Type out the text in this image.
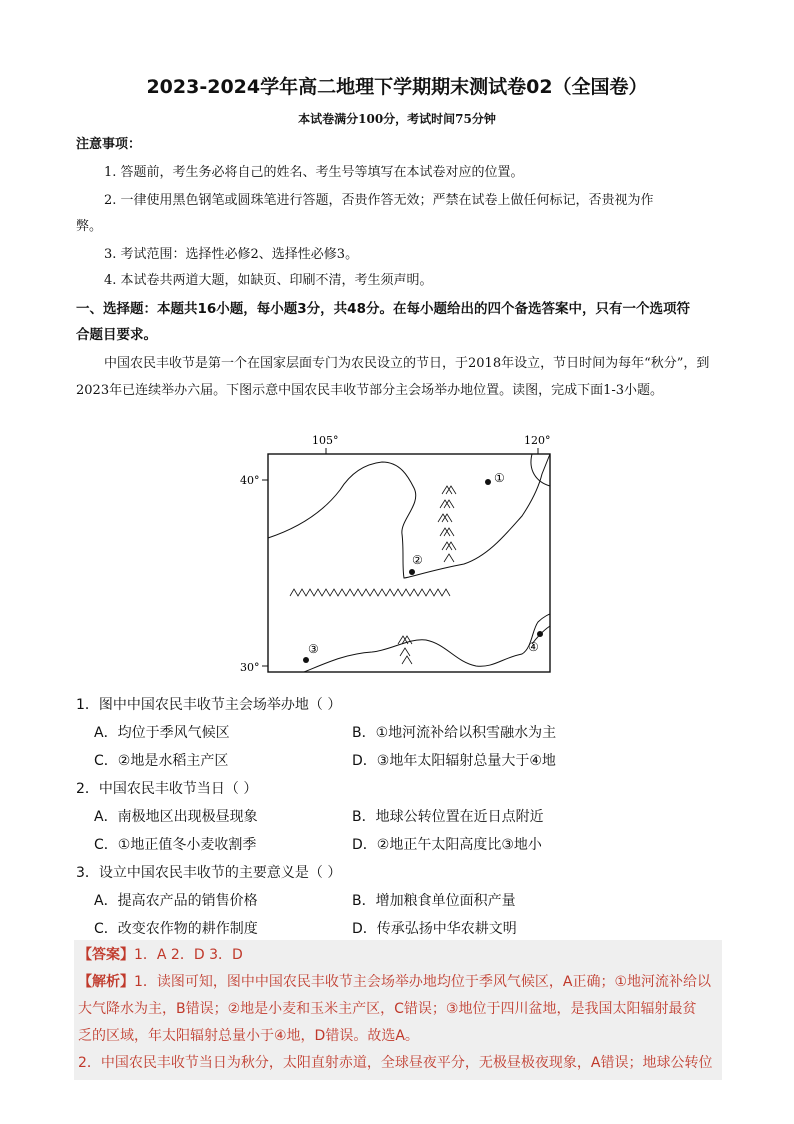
2023-2024学年高二地理下学期期末测试卷02（全国卷）
本试卷满分100分，考试时间75分钟
注意事项：
1. 答题前，考生务必将自己的姓名、考生号等填写在本试卷对应的位置。
2. 一律使用黑色钢笔或圆珠笔进行答题，否贵作答无效；严禁在试卷上做任何标记，否贵视为作
弊。
3. 考试范围：选择性必修2、选择性必修3。
4. 本试卷共两道大题，如缺页、印刷不清，考生须声明。
一、选择题：本题共16小题，每小题3分，共48分。在每小题给出的四个备选答案中，只有一个选项符
合题目要求。
中国农民丰收节是第一个在国家层面专门为农民设立的节日，于2018年设立，节日时间为每年“秋分”，到2023年已连续举办六届。下图示意中国农民丰收节部分主会场举办地位置。读图，完成下面1-3小题。
105°	120°
40°
30°
①
②
③	④
1．图中中国农民丰收节主会场举办地（ ）
A．均位于季风气候区	B．①地河流补给以积雪融水为主
C．②地是水稻主产区	D．③地年太阳辐射总量大于④地
2．中国农民丰收节当日（ ）
A．南极地区出现极昼现象	B．地球公转位置在近日点附近
C．①地正值冬小麦收割季	D．②地正午太阳高度比③地小
3．设立中国农民丰收节的主要意义是（ ）
A．提高农产品的销售价格	B．增加粮食单位面积产量
C．改变农作物的耕作制度	D．传承弘扬中华农耕文明
【答案】1．A 2．D 3．D
【解析】1．读图可知，图中中国农民丰收节主会场举办地均位于季风气候区，A正确；①地河流补给以
大气降水为主，B错误；②地是小麦和玉米主产区，C错误；③地位于四川盆地，是我国太阳辐射最贫
乏的区域，年太阳辐射总量小于④地，D错误。故选A。
2．中国农民丰收节当日为秋分，太阳直射赤道，全球昼夜平分，无极昼极夜现象，A错误；地球公转位
